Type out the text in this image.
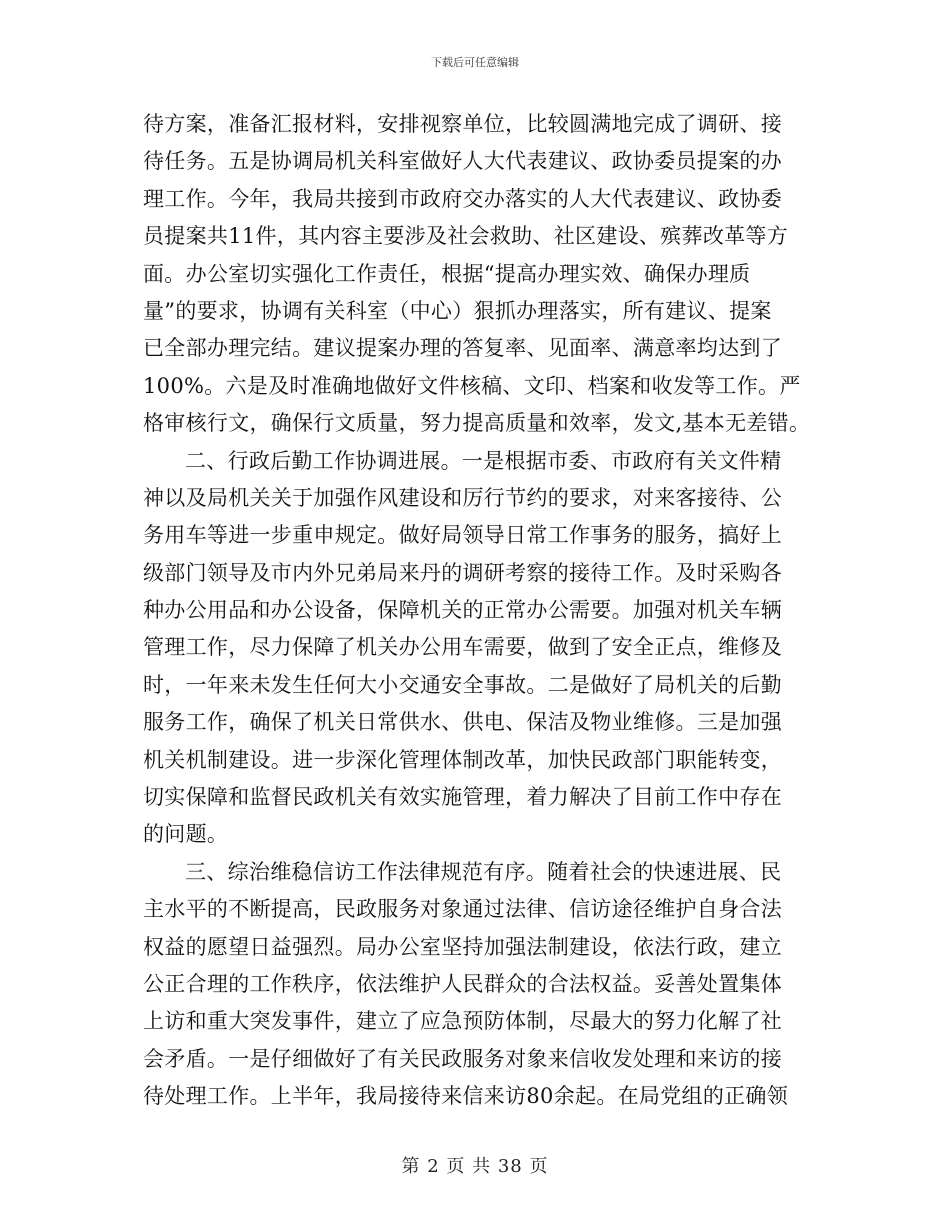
下载后可任意编辑
待方案，准备汇报材料，安排视察单位，比较圆满地完成了调研、接
待任务。五是协调局机关科室做好人大代表建议、政协委员提案的办
理工作。今年，我局共接到市政府交办落实的人大代表建议、政协委
员提案共11件，其内容主要涉及社会救助、社区建设、殡葬改革等方
面。办公室切实强化工作责任，根据“提高办理实效、确保办理质
量”的要求，协调有关科室（中心）狠抓办理落实，所有建议、提案
已全部办理完结。建议提案办理的答复率、见面率、满意率均达到了
100%。六是及时准确地做好文件核稿、文印、档案和收发等工作。严
格审核行文，确保行文质量，努力提高质量和效率，发文,基本无差错。
二、行政后勤工作协调进展。一是根据市委、市政府有关文件精
神以及局机关关于加强作风建设和厉行节约的要求，对来客接待、公
务用车等进一步重申规定。做好局领导日常工作事务的服务，搞好上
级部门领导及市内外兄弟局来丹的调研考察的接待工作。及时采购各
种办公用品和办公设备，保障机关的正常办公需要。加强对机关车辆
管理工作，尽力保障了机关办公用车需要，做到了安全正点，维修及
时，一年来未发生任何大小交通安全事故。二是做好了局机关的后勤
服务工作，确保了机关日常供水、供电、保洁及物业维修。三是加强
机关机制建设。进一步深化管理体制改革，加快民政部门职能转变，
切实保障和监督民政机关有效实施管理，着力解决了目前工作中存在
的问题。
三、综治维稳信访工作法律规范有序。随着社会的快速进展、民
主水平的不断提高，民政服务对象通过法律、信访途径维护自身合法
权益的愿望日益强烈。局办公室坚持加强法制建设，依法行政，建立
公正合理的工作秩序，依法维护人民群众的合法权益。妥善处置集体
上访和重大突发事件，建立了应急预防体制，尽最大的努力化解了社
会矛盾。一是仔细做好了有关民政服务对象来信收发处理和来访的接
待处理工作。上半年，我局接待来信来访80余起。在局党组的正确领
第 2 页 共 38 页
